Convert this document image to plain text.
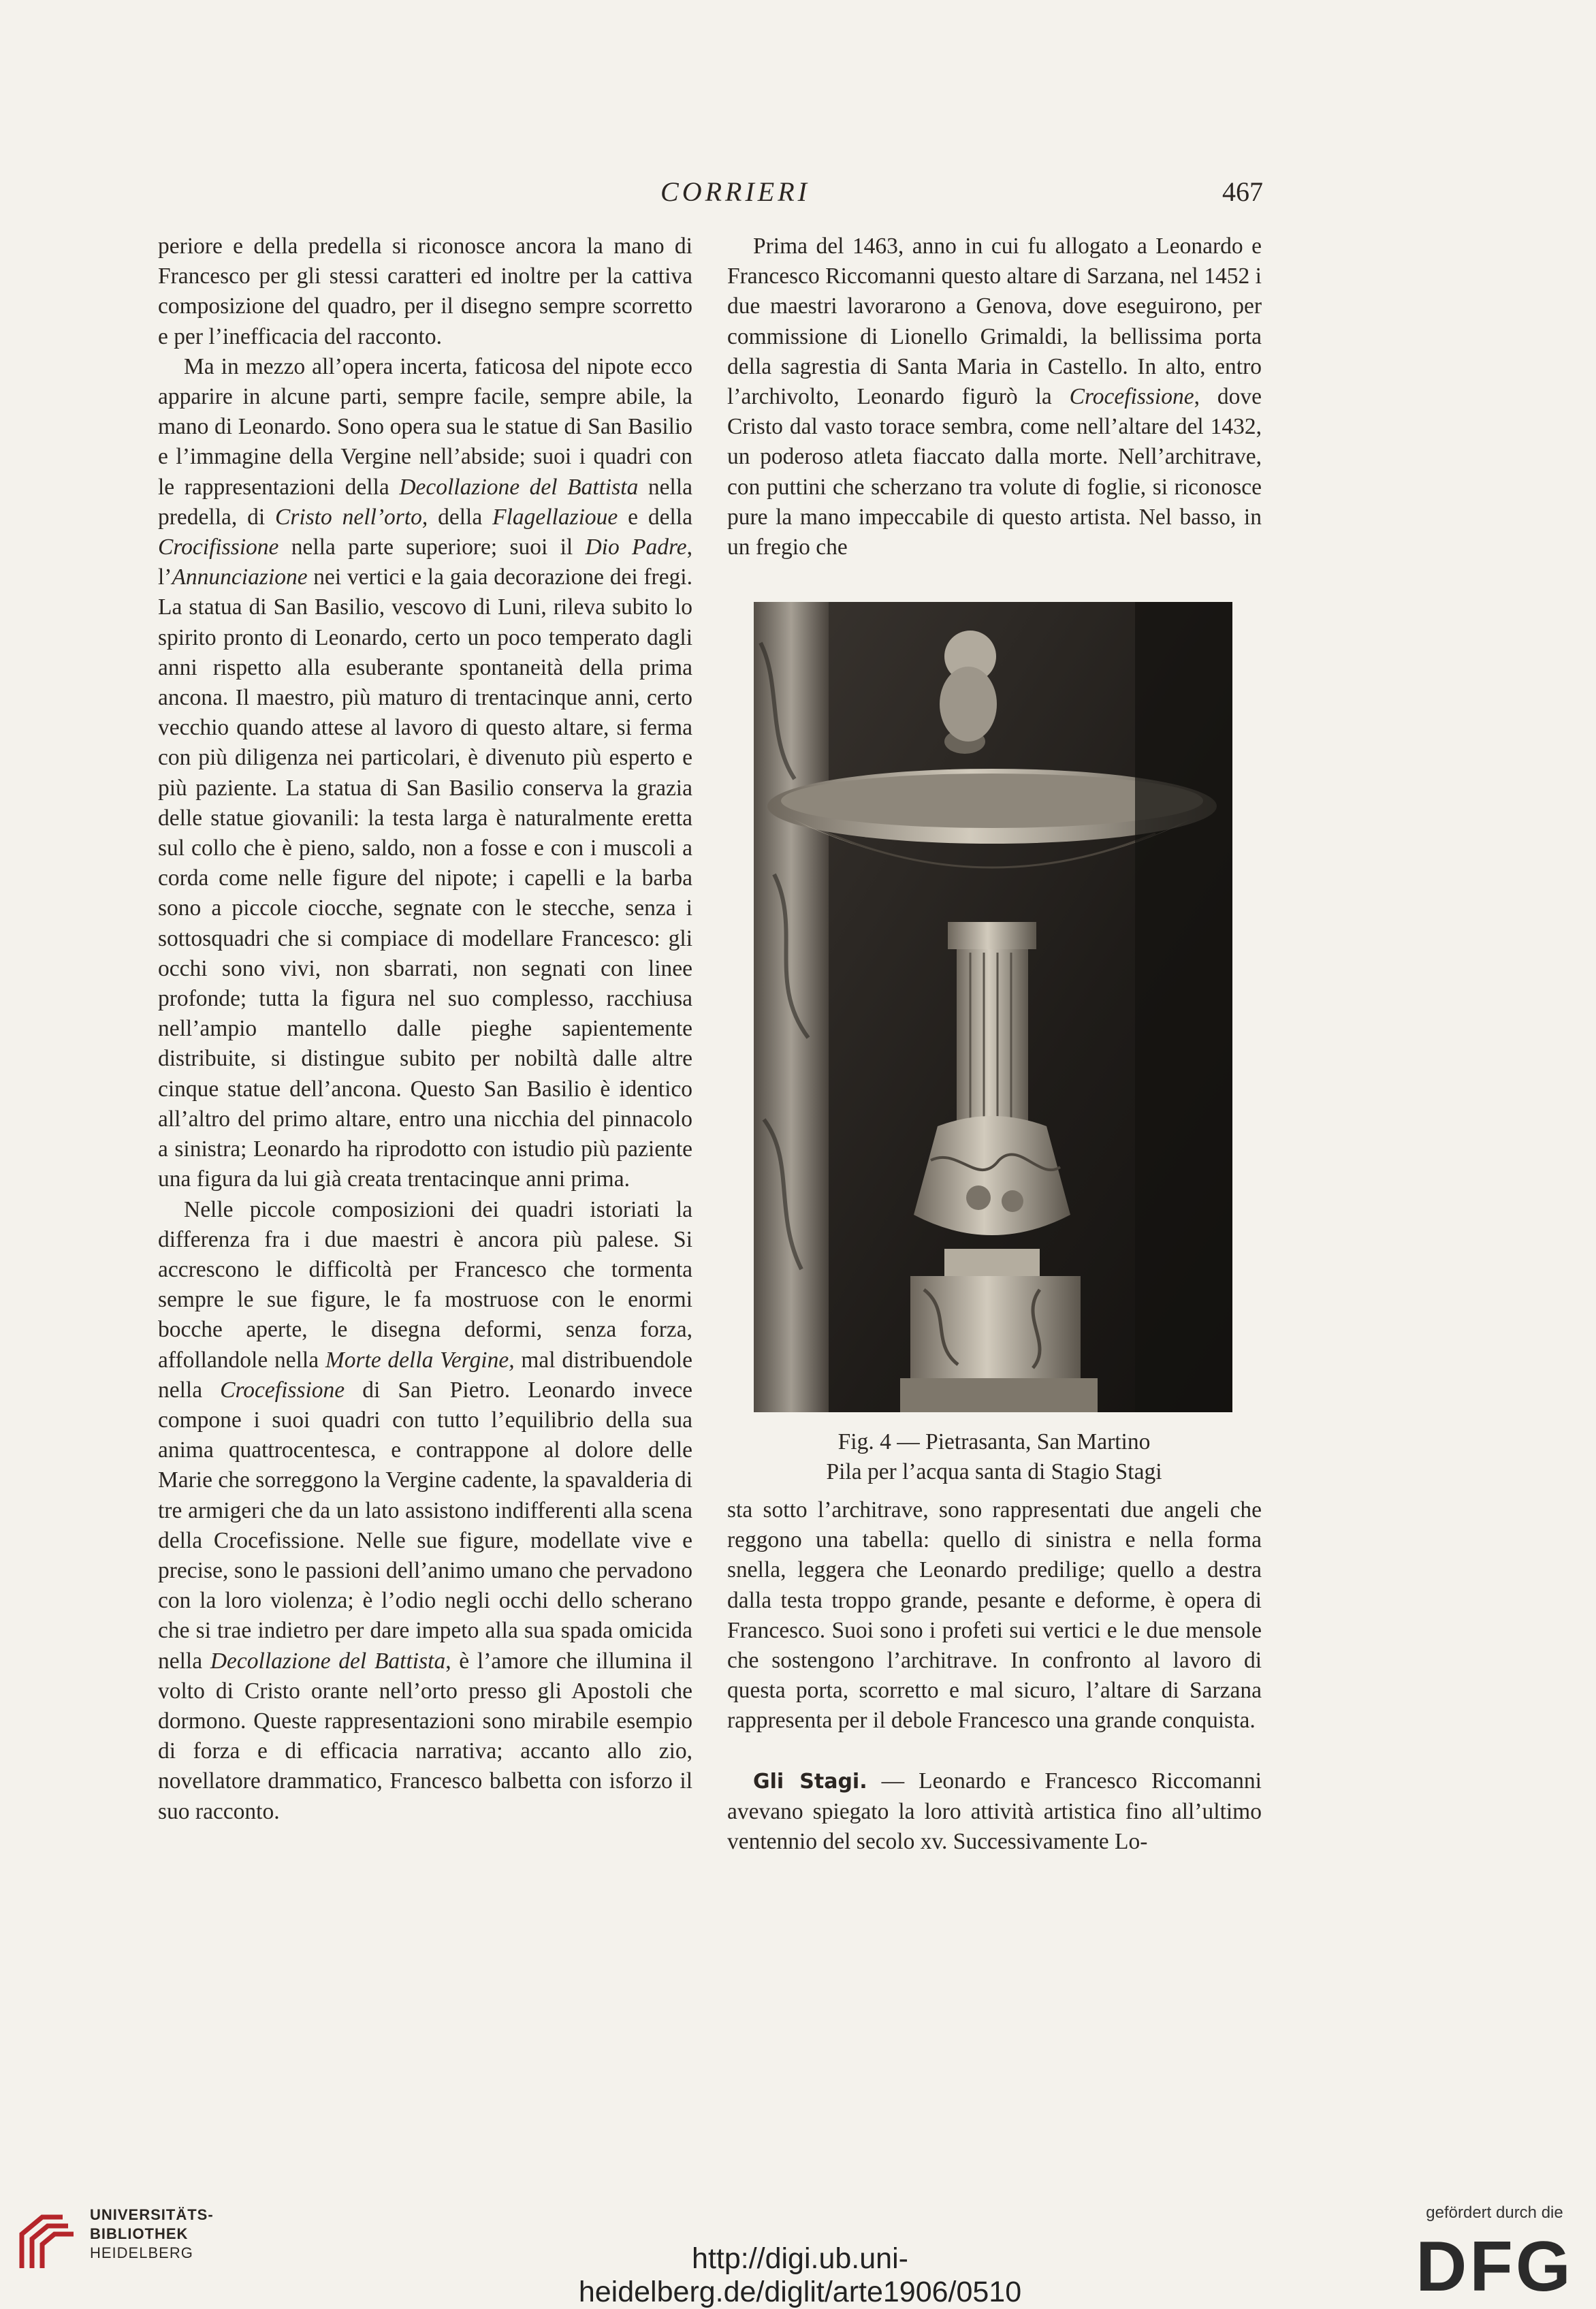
CORRIERI	467

periore e della predella si riconosce ancora la mano di Francesco per gli stessi caratteri ed inoltre per la cattiva composizione del quadro, per il disegno sempre scorretto e per l’inefficacia del racconto.

Ma in mezzo all’opera incerta, faticosa del nipote ecco apparire in alcune parti, sempre facile, sempre abile, la mano di Leonardo. Sono opera sua le statue di San Basilio e l’immagine della Vergine nell’abside; suoi i quadri con le rappresentazioni della Decollazione del Battista nella predella, di Cristo nell’orto, della Flagellazioue e della Crocifissione nella parte superiore; suoi il Dio Padre, l’Annunciazione nei vertici e la gaia decorazione dei fregi. La statua di San Basilio, vescovo di Luni, rileva subito lo spirito pronto di Leonardo, certo un poco temperato dagli anni rispetto alla esuberante spontaneità della prima ancona. Il maestro, più maturo di trentacinque anni, certo vecchio quando attese al lavoro di questo altare, si ferma con più diligenza nei particolari, è divenuto più esperto e più paziente. La statua di San Basilio conserva la grazia delle statue giovanili: la testa larga è naturalmente eretta sul collo che è pieno, saldo, non a fosse e con i muscoli a corda come nelle figure del nipote; i capelli e la barba sono a piccole ciocche, segnate con le stecche, senza i sottosquadri che si compiace di modellare Francesco: gli occhi sono vivi, non sbarrati, non segnati con linee profonde; tutta la figura nel suo complesso, racchiusa nell’ampio mantello dalle pieghe sapientemente distribuite, si distingue subito per nobiltà dalle altre cinque statue dell’ancona. Questo San Basilio è identico all’altro del primo altare, entro una nicchia del pinnacolo a sinistra; Leonardo ha riprodotto con istudio più paziente una figura da lui già creata trentacinque anni prima.

Nelle piccole composizioni dei quadri istoriati la differenza fra i due maestri è ancora più palese. Si accrescono le difficoltà per Francesco che tormenta sempre le sue figure, le fa mostruose con le enormi bocche aperte, le disegna deformi, senza forza, affollandole nella Morte della Vergine, mal distribuendole nella Crocefissione di San Pietro. Leonardo invece compone i suoi quadri con tutto l’equilibrio della sua anima quattrocentesca, e contrappone al dolore delle Marie che sorreggono la Vergine cadente, la spavalderia di tre armigeri che da un lato assistono indifferenti alla scena della Crocefissione. Nelle sue figure, modellate vive e precise, sono le passioni dell’animo umano che pervadono con la loro violenza; è l’odio negli occhi dello scherano che si trae indietro per dare impeto alla sua spada omicida nella Decollazione del Battista, è l’amore che illumina il volto di Cristo orante nell’orto presso gli Apostoli che dormono. Queste rappresentazioni sono mirabile esempio di forza e di efficacia narrativa; accanto allo zio, novellatore drammatico, Francesco balbetta con isforzo il suo racconto.

Prima del 1463, anno in cui fu allogato a Leonardo e Francesco Riccomanni questo altare di Sarzana, nel 1452 i due maestri lavorarono a Genova, dove eseguirono, per commissione di Lionello Grimaldi, la bellissima porta della sagrestia di Santa Maria in Castello. In alto, entro l’archivolto, Leonardo figurò la Crocefissione, dove Cristo dal vasto torace sembra, come nell’altare del 1432, un poderoso atleta fiaccato dalla morte. Nell’architrave, con puttini che scherzano tra volute di foglie, si riconosce pure la mano impeccabile di questo artista. Nel basso, in un fregio che

Fig. 4 — Pietrasanta, San Martino
Pila per l’acqua santa di Stagio Stagi

sta sotto l’architrave, sono rappresentati due angeli che reggono una tabella: quello di sinistra e nella forma snella, leggera che Leonardo predilige; quello a destra dalla testa troppo grande, pesante e deforme, è opera di Francesco. Suoi sono i profeti sui vertici e le due mensole che sostengono l’architrave. In confronto al lavoro di questa porta, scorretto e mal sicuro, l’altare di Sarzana rappresenta per il debole Francesco una grande conquista.

Gli Stagi. — Leonardo e Francesco Riccomanni avevano spiegato la loro attività artistica fino all’ultimo ventennio del secolo xv. Successivamente Lo-

UNIVERSITÄTS-
BIBLIOTHEK
HEIDELBERG	http://digi.ub.uni-heidelberg.de/diglit/arte1906/0510
gefördert durch die
DFG
